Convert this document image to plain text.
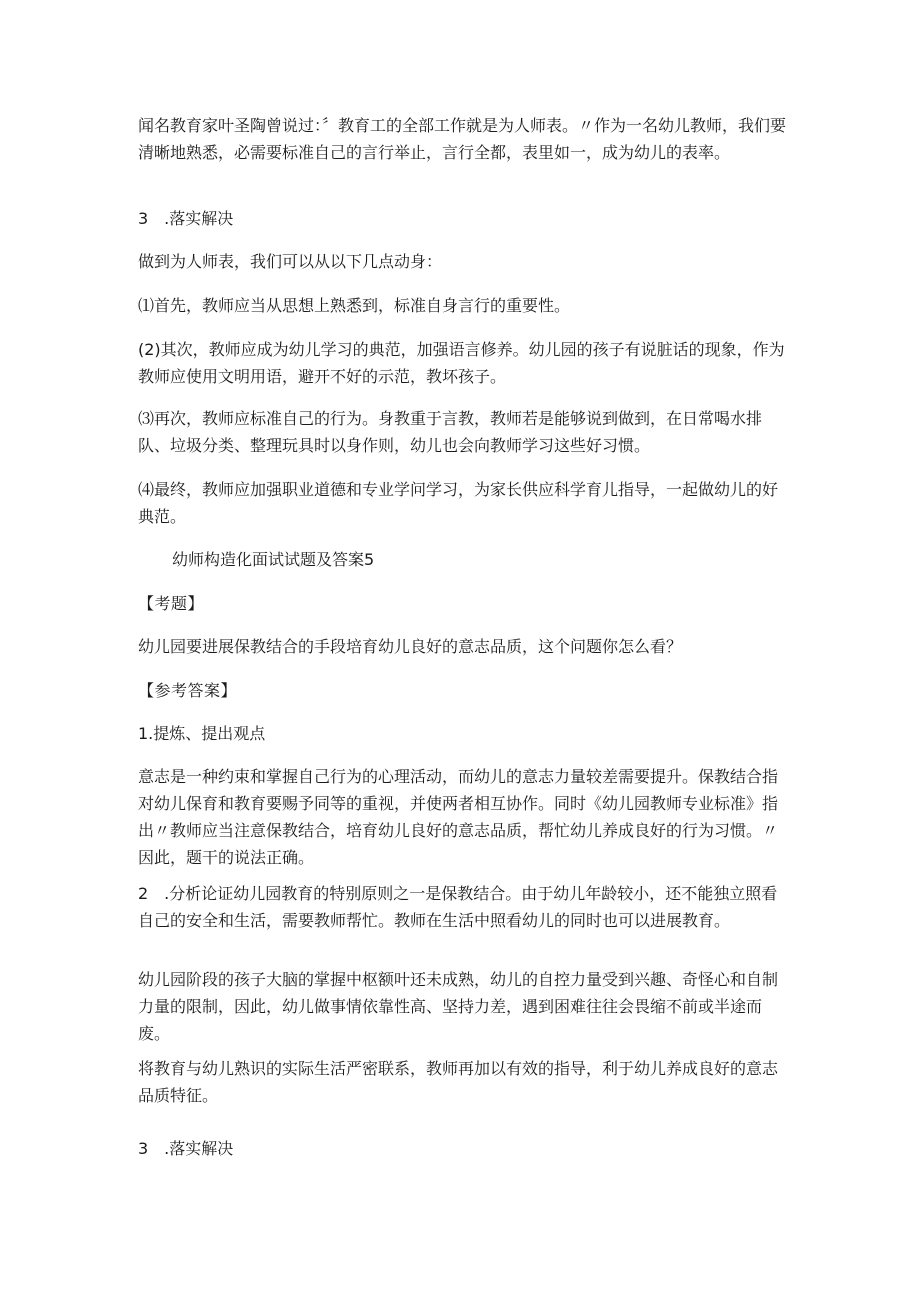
闻名教育家叶圣陶曾说过：〞教育工的全部工作就是为人师表。〃作为一名幼儿教师，我们要清晰地熟悉，必需要标准自己的言行举止，言行全都，表里如一，成为幼儿的表率。

3　.落实解决

做到为人师表，我们可以从以下几点动身：

⑴首先，教师应当从思想上熟悉到，标准自身言行的重要性。

(2)其次，教师应成为幼儿学习的典范，加强语言修养。幼儿园的孩子有说脏话的现象，作为教师应使用文明用语，避开不好的示范，教坏孩子。

⑶再次，教师应标准自己的行为。身教重于言教，教师若是能够说到做到，在日常喝水排队、垃圾分类、整理玩具时以身作则，幼儿也会向教师学习这些好习惯。

⑷最终，教师应加强职业道德和专业学问学习，为家长供应科学育儿指导，一起做幼儿的好典范。

幼师构造化面试试题及答案5

【考题】

幼儿园要进展保教结合的手段培育幼儿良好的意志品质，这个问题你怎么看？

【参考答案】

1.提炼、提出观点

意志是一种约束和掌握自己行为的心理活动，而幼儿的意志力量较差需要提升。保教结合指对幼儿保育和教育要赐予同等的重视，并使两者相互协作。同时《幼儿园教师专业标准》指出〃教师应当注意保教结合，培育幼儿良好的意志品质，帮忙幼儿养成良好的行为习惯。〃因此，题干的说法正确。

2　.分析论证幼儿园教育的特别原则之一是保教结合。由于幼儿年龄较小，还不能独立照看自己的安全和生活，需要教师帮忙。教师在生活中照看幼儿的同时也可以进展教育。

幼儿园阶段的孩子大脑的掌握中枢额叶还未成熟，幼儿的自控力量受到兴趣、奇怪心和自制力量的限制，因此，幼儿做事情依靠性高、坚持力差，遇到困难往往会畏缩不前或半途而废。

将教育与幼儿熟识的实际生活严密联系，教师再加以有效的指导，利于幼儿养成良好的意志品质特征。

3　.落实解决
